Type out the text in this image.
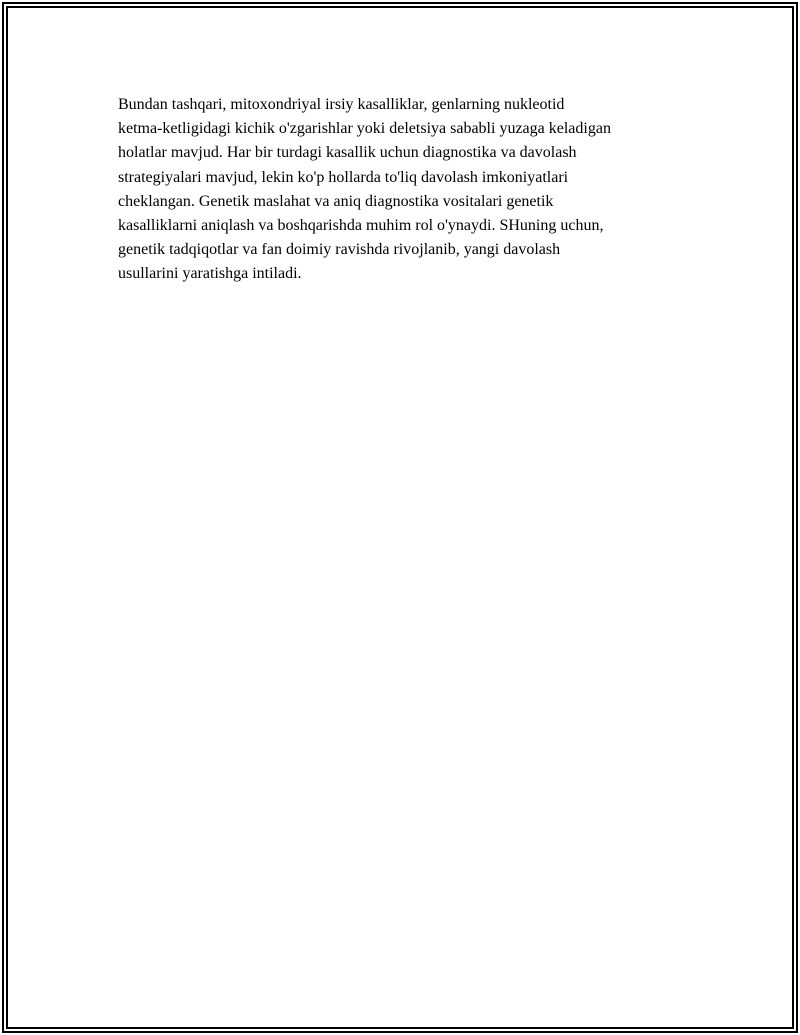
Bundan tashqari, mitoxondriyal irsiy kasalliklar, genlarning nukleotid
ketma-ketligidagi kichik o'zgarishlar yoki deletsiya sababli yuzaga keladigan
holatlar mavjud. Har bir turdagi kasallik uchun diagnostika va davolash
strategiyalari mavjud, lekin ko'p hollarda to'liq davolash imkoniyatlari
cheklangan. Genetik maslahat va aniq diagnostika vositalari genetik
kasalliklarni aniqlash va boshqarishda muhim rol o'ynaydi. SHuning uchun,
genetik tadqiqotlar va fan doimiy ravishda rivojlanib, yangi davolash
usullarini yaratishga intiladi.
